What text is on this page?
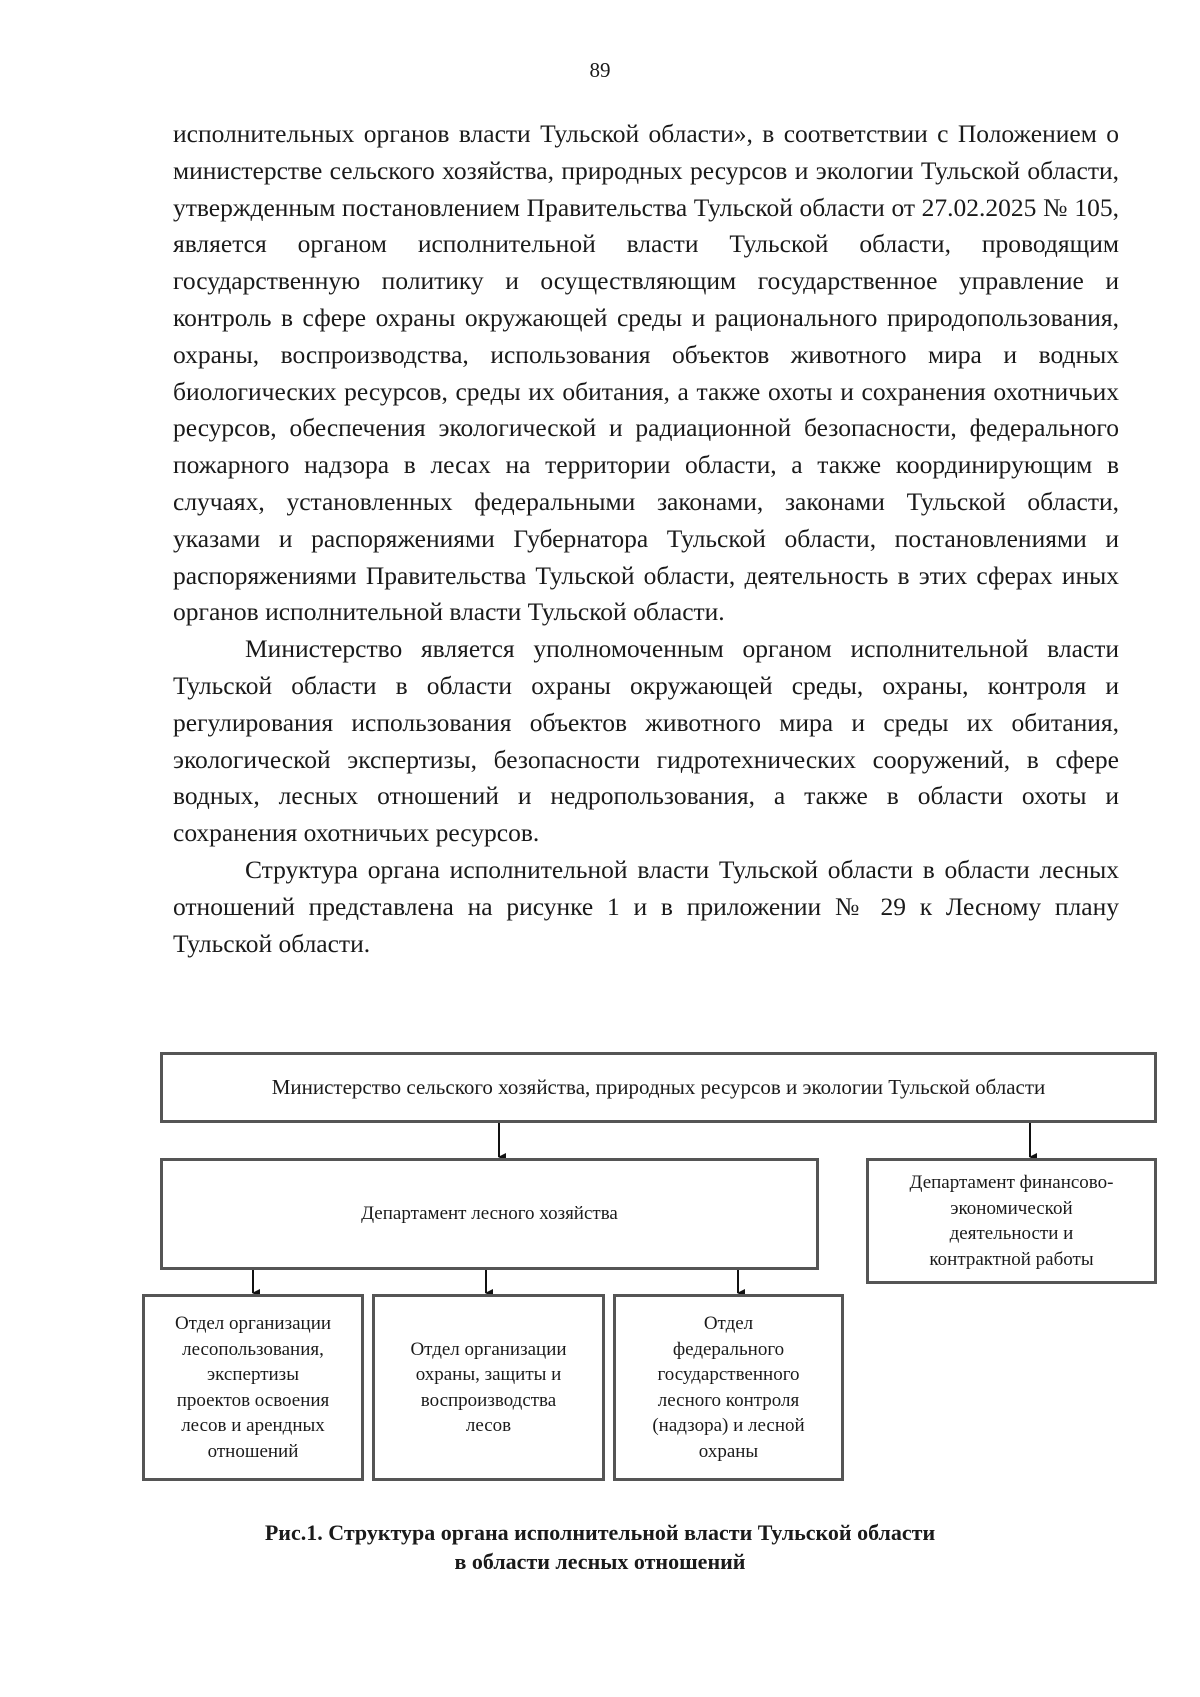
89

исполнительных органов власти Тульской области», в соответствии с Положением о министерстве сельского хозяйства, природных ресурсов и экологии Тульской области, утвержденным постановлением Правительства Тульской области от 27.02.2025 № 105, является органом исполнительной власти Тульской области, проводящим государственную политику и осуществляющим государственное управление и контроль в сфере охраны окружающей среды и рационального природопользования, охраны, воспроизводства, использования объектов животного мира и водных биологических ресурсов, среды их обитания, а также охоты и сохранения охотничьих ресурсов, обеспечения экологической и радиационной безопасности, федерального пожарного надзора в лесах на территории области, а также координирующим в случаях, установленных федеральными законами, законами Тульской области, указами и распоряжениями Губернатора Тульской области, постановлениями и распоряжениями Правительства Тульской области, деятельность в этих сферах иных органов исполнительной власти Тульской области.

Министерство является уполномоченным органом исполнительной власти Тульской области в области охраны окружающей среды, охраны, контроля и регулирования использования объектов животного мира и среды их обитания, экологической экспертизы, безопасности гидротехнических сооружений, в сфере водных, лесных отношений и недропользования, а также в области охоты и сохранения охотничьих ресурсов.

Структура органа исполнительной власти Тульской области в области лесных отношений представлена на рисунке 1 и в приложении № 29 к Лесному плану Тульской области.

Министерство сельского хозяйства, природных ресурсов и экологии Тульской области
Департамент лесного хозяйства
Департамент финансово-
экономической
деятельности и
контрактной работы
Отдел организации
лесопользования,
экспертизы
проектов освоения
лесов и арендных
отношений
Отдел организации
охраны, защиты и
воспроизводства
лесов
Отдел
федерального
государственного
лесного контроля
(надзора) и лесной
охраны
Рис.1. Структура органа исполнительной власти Тульской области
в области лесных отношений
